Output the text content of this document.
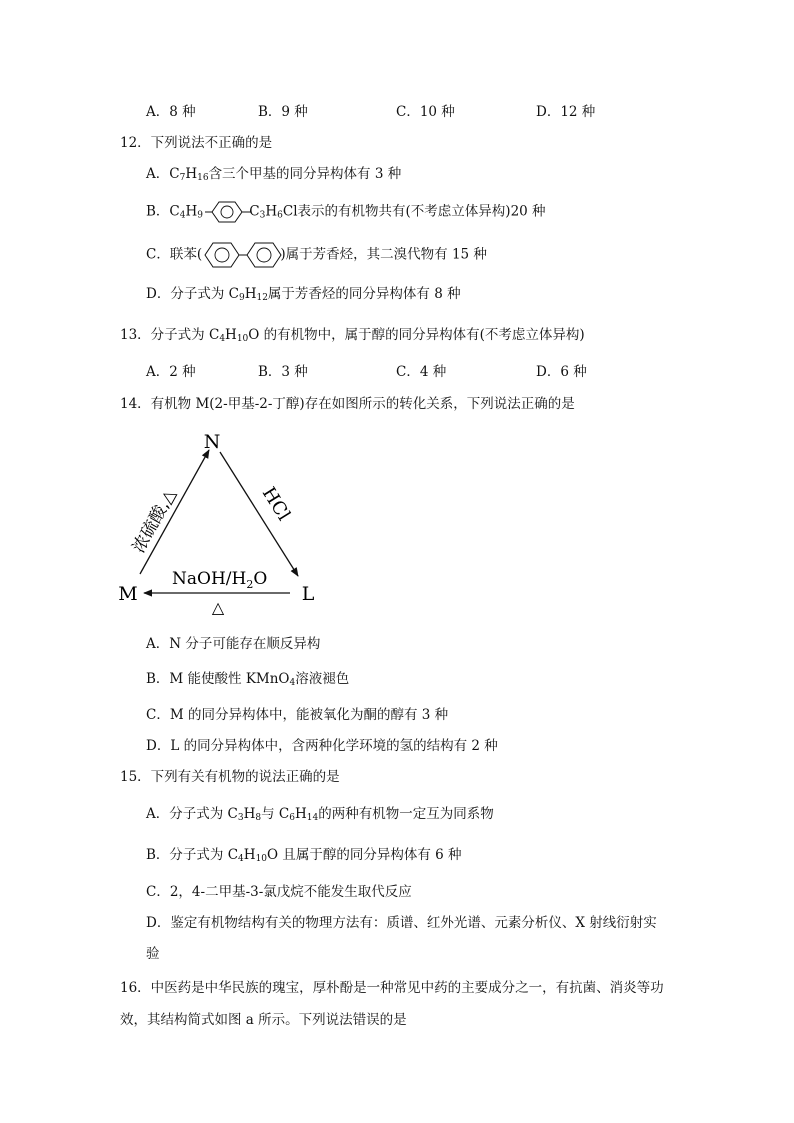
A．8 种	B．9 种	C．10 种	D．12 种
12．下列说法不正确的是
A．$C_7H_{16}$含三个甲基的同分异构体有 3 种
B．$C_4H_9$	$C_3H_6Cl$表示的有机物共有(不考虑立体异构)20 种
C．联苯(	)属于芳香烃，其二溴代物有 15 种
D．分子式为 $C_9H_{12}$属于芳香烃的同分异构体有 8 种
13．分子式为 $C_4H_{10}O$ 的有机物中，属于醇的同分异构体有(不考虑立体异构)
A．2 种	B．3 种	C．4 种	D．6 种
14．有机物 M(2-甲基-2-丁醇)存在如图所示的转化关系，下列说法正确的是
N
M	L
浓硫酸,△	HCl
NaOH/$H_2O$
△
A．N 分子可能存在顺反异构
B．M 能使酸性 KMnO$_4$溶液褪色
C．M 的同分异构体中，能被氧化为酮的醇有 3 种
D．L 的同分异构体中，含两种化学环境的氢的结构有 2 种
15．下列有关有机物的说法正确的是
A．分子式为 $C_3H_8$与 $C_6H_{14}$的两种有机物一定互为同系物
B．分子式为 $C_4H_{10}O$ 且属于醇的同分异构体有 6 种
C．2，4-二甲基-3-氯戊烷不能发生取代反应
D．鉴定有机物结构有关的物理方法有：质谱、红外光谱、元素分析仪、X 射线衍射实
验
16．中医药是中华民族的瑰宝，厚朴酚是一种常见中药的主要成分之一，有抗菌、消炎等功
效，其结构简式如图 a 所示。下列说法错误的是
